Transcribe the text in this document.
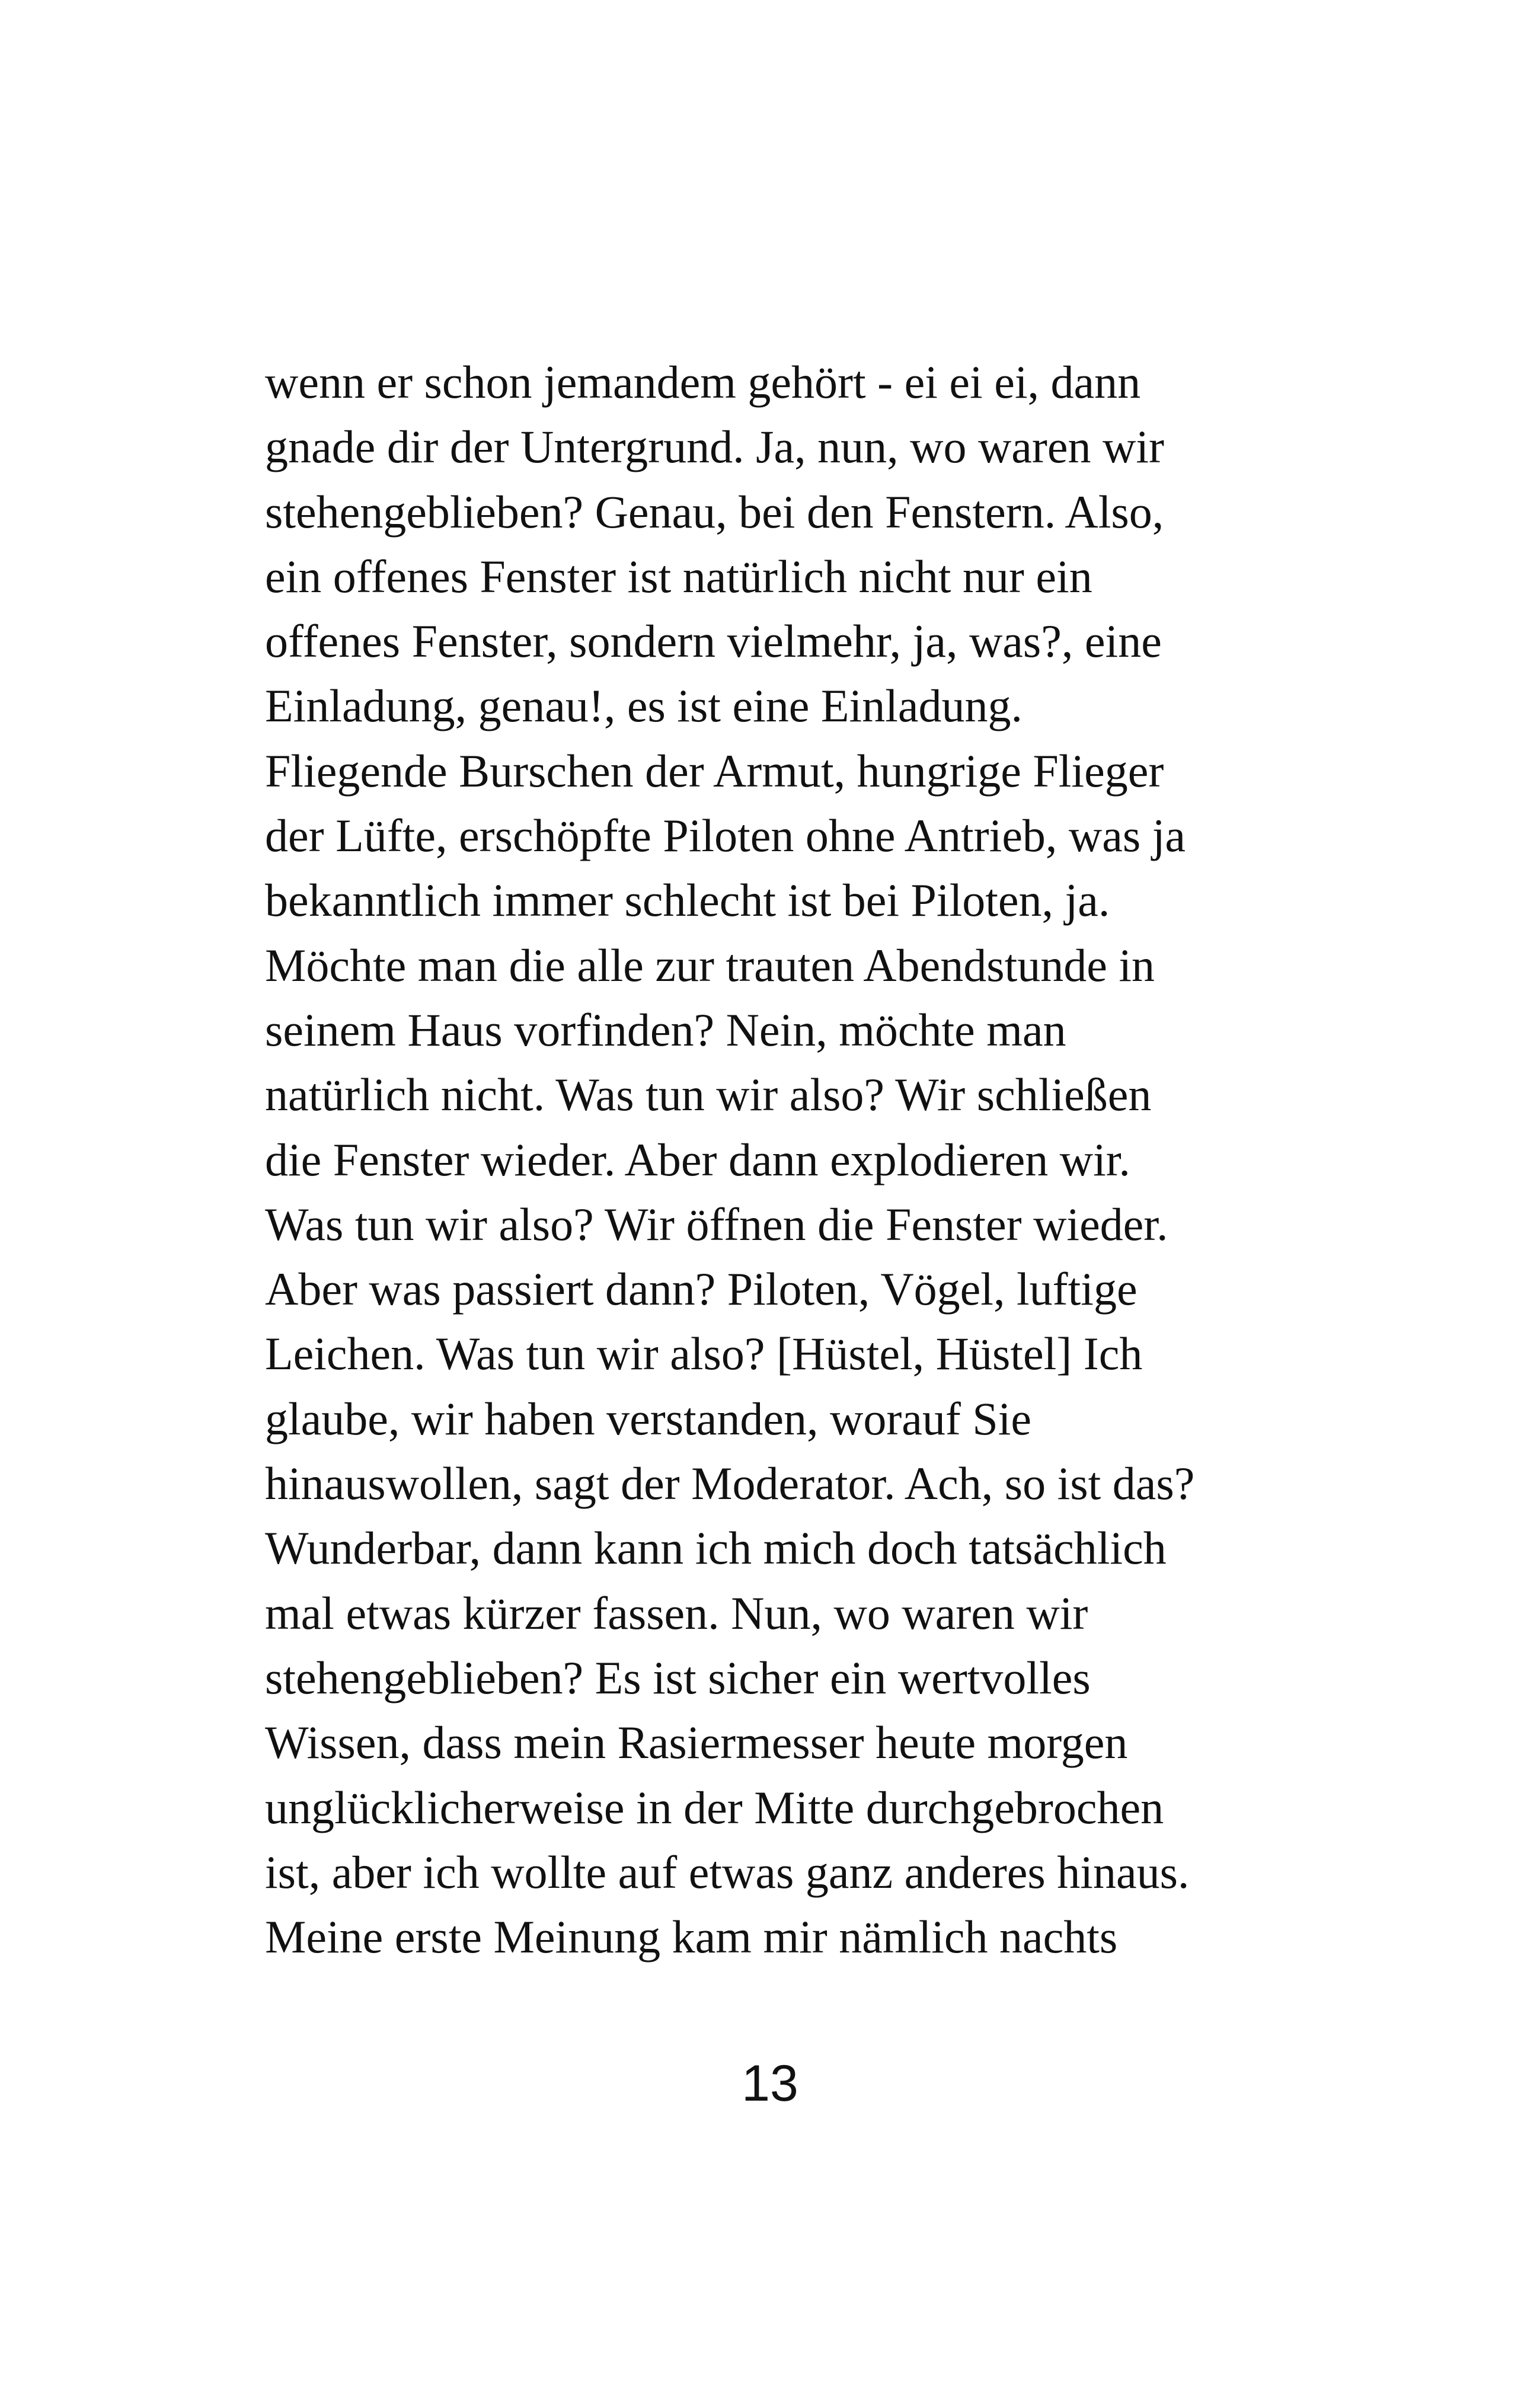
wenn er schon jemandem gehört - ei ei ei, dann
gnade dir der Untergrund. Ja, nun, wo waren wir
stehengeblieben? Genau, bei den Fenstern. Also,
ein offenes Fenster ist natürlich nicht nur ein
offenes Fenster, sondern vielmehr, ja, was?, eine
Einladung, genau!, es ist eine Einladung.
Fliegende Burschen der Armut, hungrige Flieger
der Lüfte, erschöpfte Piloten ohne Antrieb, was ja
bekanntlich immer schlecht ist bei Piloten, ja.
Möchte man die alle zur trauten Abendstunde in
seinem Haus vorfinden? Nein, möchte man
natürlich nicht. Was tun wir also? Wir schließen
die Fenster wieder. Aber dann explodieren wir.
Was tun wir also? Wir öffnen die Fenster wieder.
Aber was passiert dann? Piloten, Vögel, luftige
Leichen. Was tun wir also? [Hüstel, Hüstel] Ich
glaube, wir haben verstanden, worauf Sie
hinauswollen, sagt der Moderator. Ach, so ist das?
Wunderbar, dann kann ich mich doch tatsächlich
mal etwas kürzer fassen. Nun, wo waren wir
stehengeblieben? Es ist sicher ein wertvolles
Wissen, dass mein Rasiermesser heute morgen
unglücklicherweise in der Mitte durchgebrochen
ist, aber ich wollte auf etwas ganz anderes hinaus.
Meine erste Meinung kam mir nämlich nachts
13
